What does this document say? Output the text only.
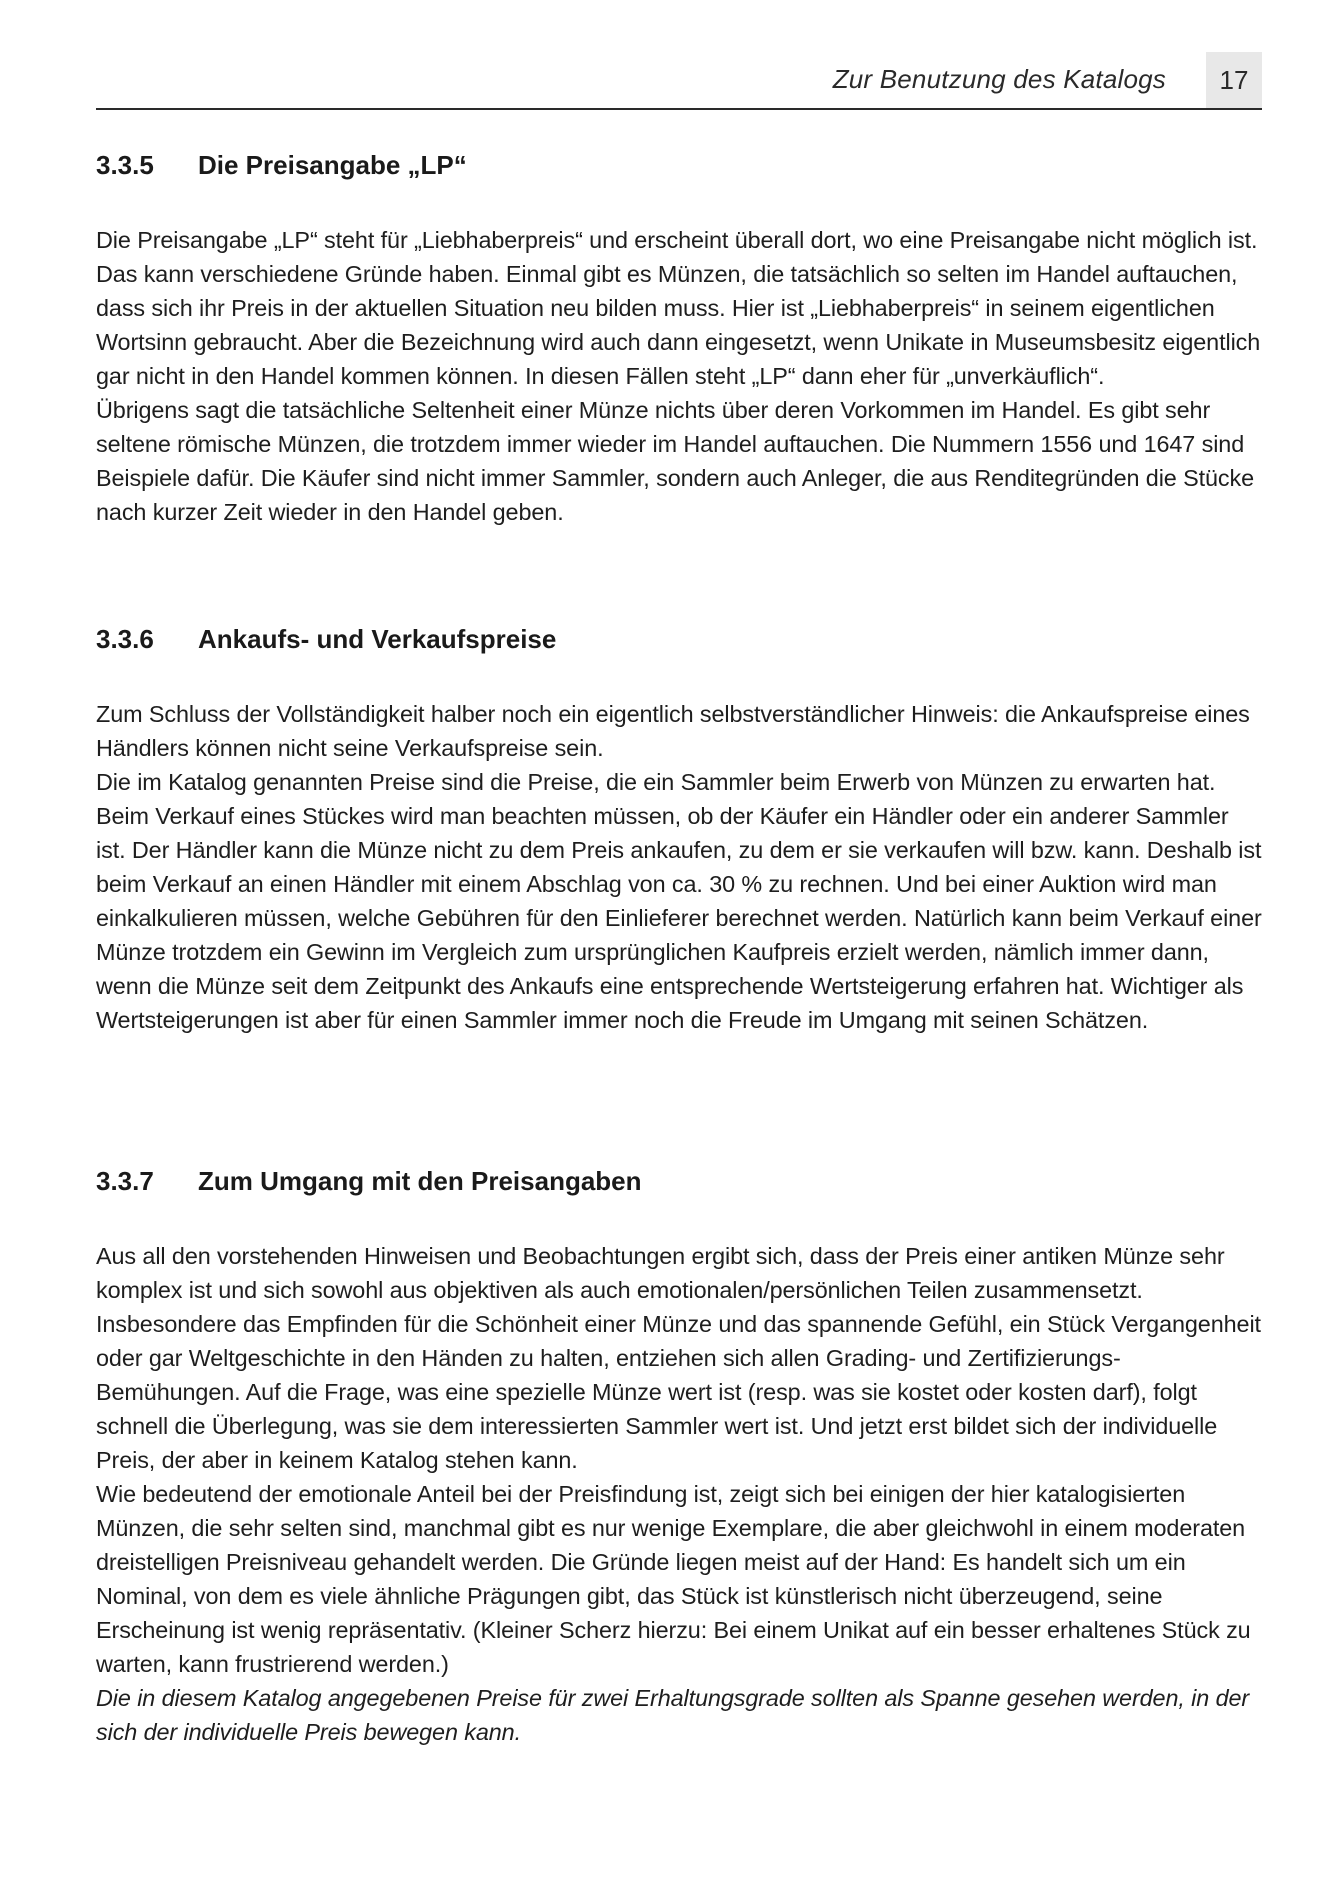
Zur Benutzung des Katalogs	17
3.3.5	Die Preisangabe „LP“

Die Preisangabe „LP“ steht für „Liebhaberpreis“ und erscheint überall dort, wo eine Preisangabe nicht möglich ist. Das kann verschiedene Gründe haben. Einmal gibt es Münzen, die tatsächlich so selten im Handel auftauchen, dass sich ihr Preis in der aktuellen Situation neu bilden muss. Hier ist „Liebhaberpreis“ in seinem eigentlichen Wortsinn gebraucht. Aber die Bezeichnung wird auch dann eingesetzt, wenn Unikate in Museumsbesitz eigentlich gar nicht in den Handel kommen können. In diesen Fällen steht „LP“ dann eher für „unverkäuflich“.

Übrigens sagt die tatsächliche Seltenheit einer Münze nichts über deren Vorkommen im Handel. Es gibt sehr seltene römische Münzen, die trotzdem immer wieder im Handel auftauchen. Die Nummern 1556 und 1647 sind Beispiele dafür. Die Käufer sind nicht immer Sammler, sondern auch Anleger, die aus Renditegründen die Stücke nach kurzer Zeit wieder in den Handel geben.

3.3.6	Ankaufs- und Verkaufspreise

Zum Schluss der Vollständigkeit halber noch ein eigentlich selbstverständlicher Hinweis: die Ankaufspreise eines Händlers können nicht seine Verkaufspreise sein.

Die im Katalog genannten Preise sind die Preise, die ein Sammler beim Erwerb von Münzen zu erwarten hat.

Beim Verkauf eines Stückes wird man beachten müssen, ob der Käufer ein Händler oder ein anderer Sammler ist. Der Händler kann die Münze nicht zu dem Preis ankaufen, zu dem er sie verkaufen will bzw. kann. Deshalb ist beim Verkauf an einen Händler mit einem Abschlag von ca. 30 % zu rechnen. Und bei einer Auktion wird man einkalkulieren müssen, welche Gebühren für den Einlieferer berechnet werden. Natürlich kann beim Verkauf einer Münze trotzdem ein Gewinn im Vergleich zum ursprünglichen Kaufpreis erzielt werden, nämlich immer dann, wenn die Münze seit dem Zeitpunkt des Ankaufs eine entsprechende Wertsteigerung erfahren hat. Wichtiger als Wertsteigerungen ist aber für einen Sammler immer noch die Freude im Umgang mit seinen Schätzen.

3.3.7	Zum Umgang mit den Preisangaben

Aus all den vorstehenden Hinweisen und Beobachtungen ergibt sich, dass der Preis einer antiken Münze sehr komplex ist und sich sowohl aus objektiven als auch emotionalen/persönlichen Teilen zusammensetzt. Insbesondere das Empfinden für die Schönheit einer Münze und das spannende Gefühl, ein Stück Vergangenheit oder gar Weltgeschichte in den Händen zu halten, entziehen sich allen Grading- und Zertifizierungs-Bemühungen. Auf die Frage, was eine spezielle Münze wert ist (resp. was sie kostet oder kosten darf), folgt schnell die Überlegung, was sie dem interessierten Sammler wert ist. Und jetzt erst bildet sich der individuelle Preis, der aber in keinem Katalog stehen kann.

Wie bedeutend der emotionale Anteil bei der Preisfindung ist, zeigt sich bei einigen der hier katalogisierten Münzen, die sehr selten sind, manchmal gibt es nur wenige Exemplare, die aber gleichwohl in einem moderaten dreistelligen Preisniveau gehandelt werden. Die Gründe liegen meist auf der Hand: Es handelt sich um ein Nominal, von dem es viele ähnliche Prägungen gibt, das Stück ist künstlerisch nicht überzeugend, seine Erscheinung ist wenig repräsentativ. (Kleiner Scherz hierzu: Bei einem Unikat auf ein besser erhaltenes Stück zu warten, kann frustrierend werden.)

Die in diesem Katalog angegebenen Preise für zwei Erhaltungsgrade sollten als Spanne gesehen werden, in der sich der individuelle Preis bewegen kann.
